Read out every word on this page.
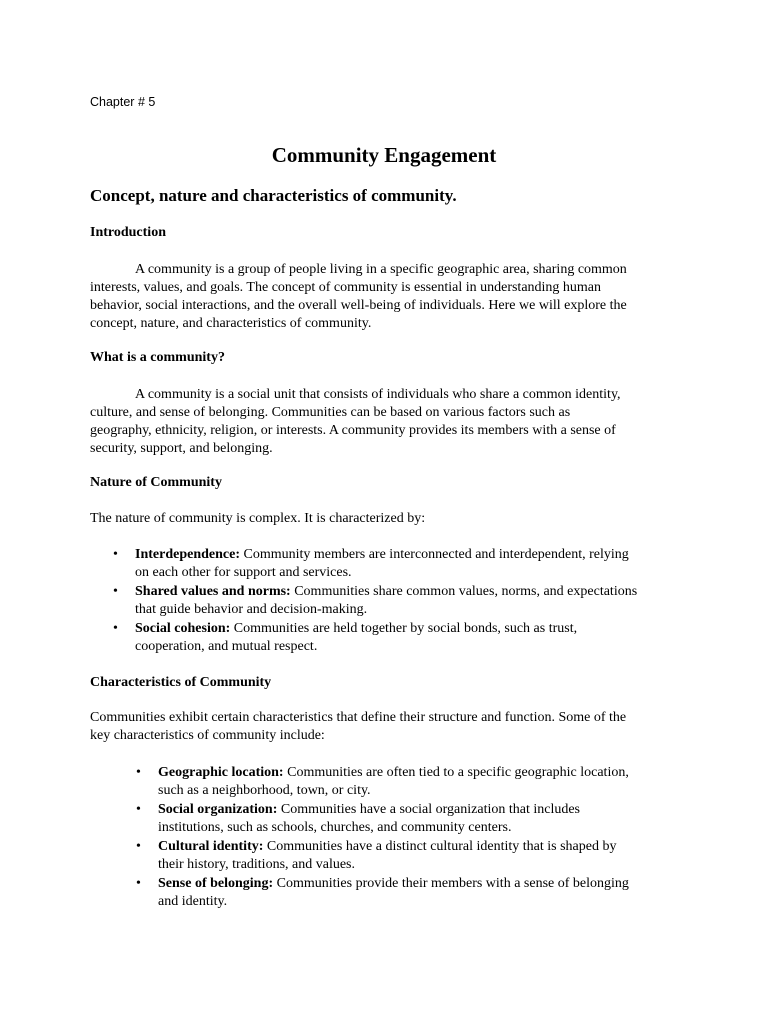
Chapter # 5
Community Engagement
Concept, nature and characteristics of community.
Introduction
A community is a group of people living in a specific geographic area, sharing common
interests, values, and goals. The concept of community is essential in understanding human
behavior, social interactions, and the overall well-being of individuals. Here we will explore the
concept, nature, and characteristics of community.
What is a community?
A community is a social unit that consists of individuals who share a common identity,
culture, and sense of belonging. Communities can be based on various factors such as
geography, ethnicity, religion, or interests. A community provides its members with a sense of
security, support, and belonging.
Nature of Community
The nature of community is complex. It is characterized by:
• Interdependence: Community members are interconnected and interdependent, relying
on each other for support and services.
• Shared values and norms: Communities share common values, norms, and expectations
that guide behavior and decision-making.
• Social cohesion: Communities are held together by social bonds, such as trust,
cooperation, and mutual respect.
Characteristics of Community
Communities exhibit certain characteristics that define their structure and function. Some of the
key characteristics of community include:
• Geographic location: Communities are often tied to a specific geographic location,
such as a neighborhood, town, or city.
• Social organization: Communities have a social organization that includes
institutions, such as schools, churches, and community centers.
• Cultural identity: Communities have a distinct cultural identity that is shaped by
their history, traditions, and values.
• Sense of belonging: Communities provide their members with a sense of belonging
and identity.
